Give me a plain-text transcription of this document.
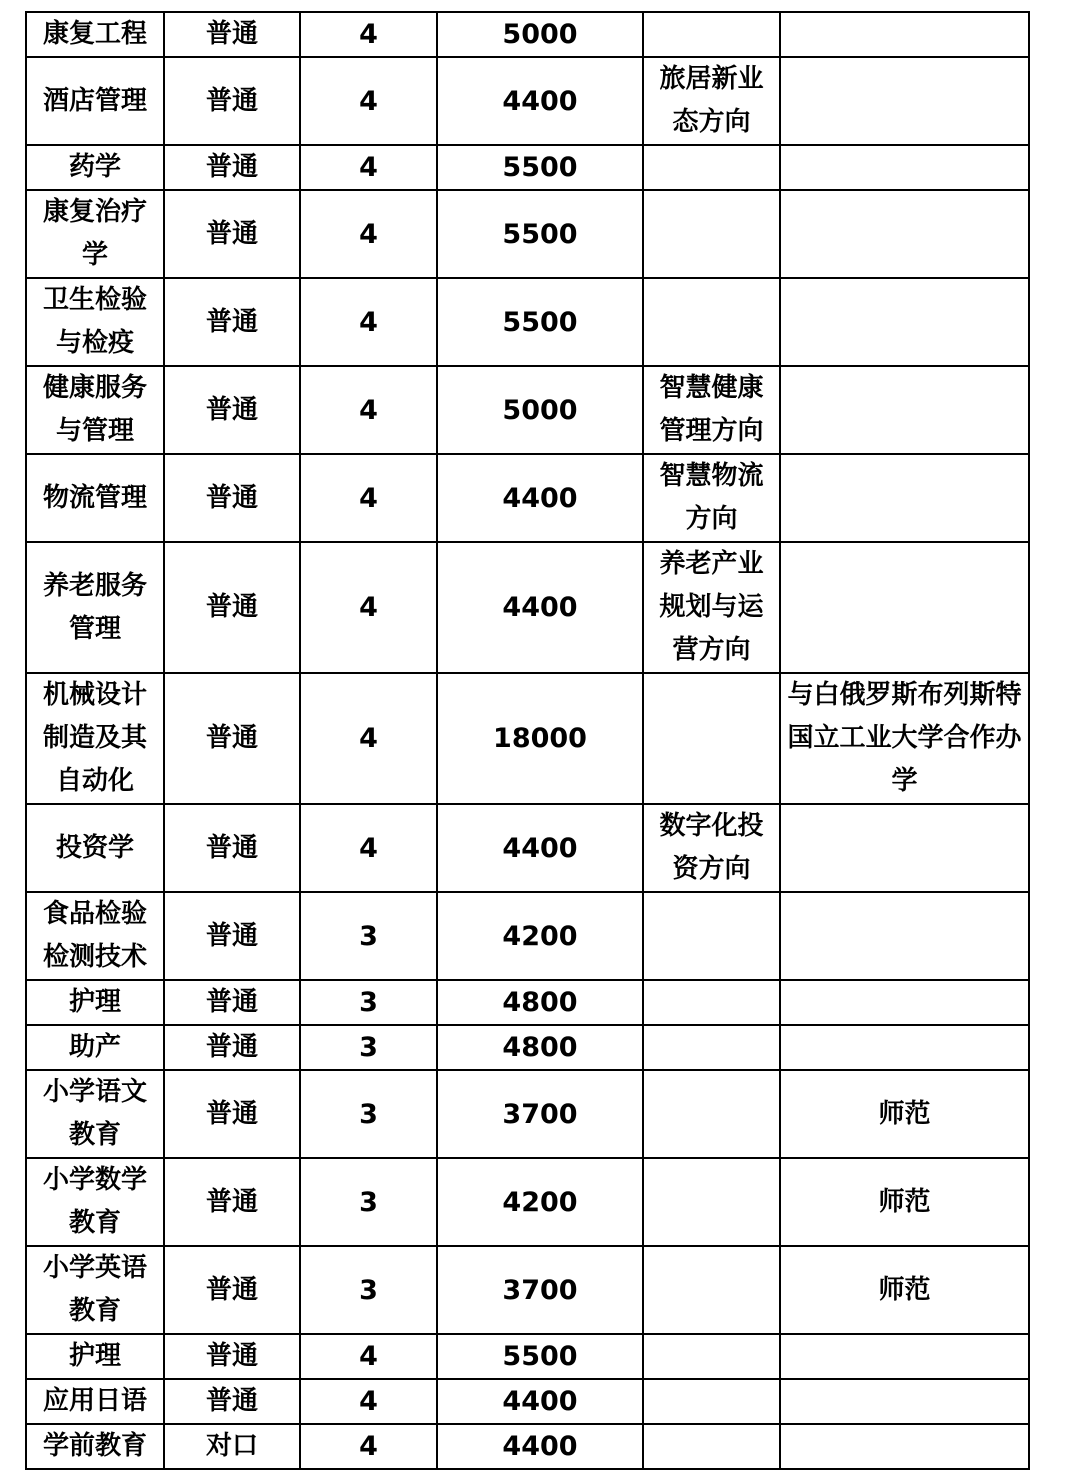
康复工程	普通	4	5000		
酒店管理	普通	4	4400	旅居新业态方向	
药学	普通	4	5500		
康复治疗学	普通	4	5500		
卫生检验与检疫	普通	4	5500		
健康服务与管理	普通	4	5000	智慧健康管理方向	
物流管理	普通	4	4400	智慧物流方向	
养老服务管理	普通	4	4400	养老产业规划与运营方向	
机械设计制造及其自动化	普通	4	18000		与白俄罗斯布列斯特国立工业大学合作办学
投资学	普通	4	4400	数字化投资方向	
食品检验检测技术	普通	3	4200		
护理	普通	3	4800		
助产	普通	3	4800		
小学语文教育	普通	3	3700		师范
小学数学教育	普通	3	4200		师范
小学英语教育	普通	3	3700		师范
护理	普通	4	5500		
应用日语	普通	4	4400		
学前教育	对口	4	4400		
